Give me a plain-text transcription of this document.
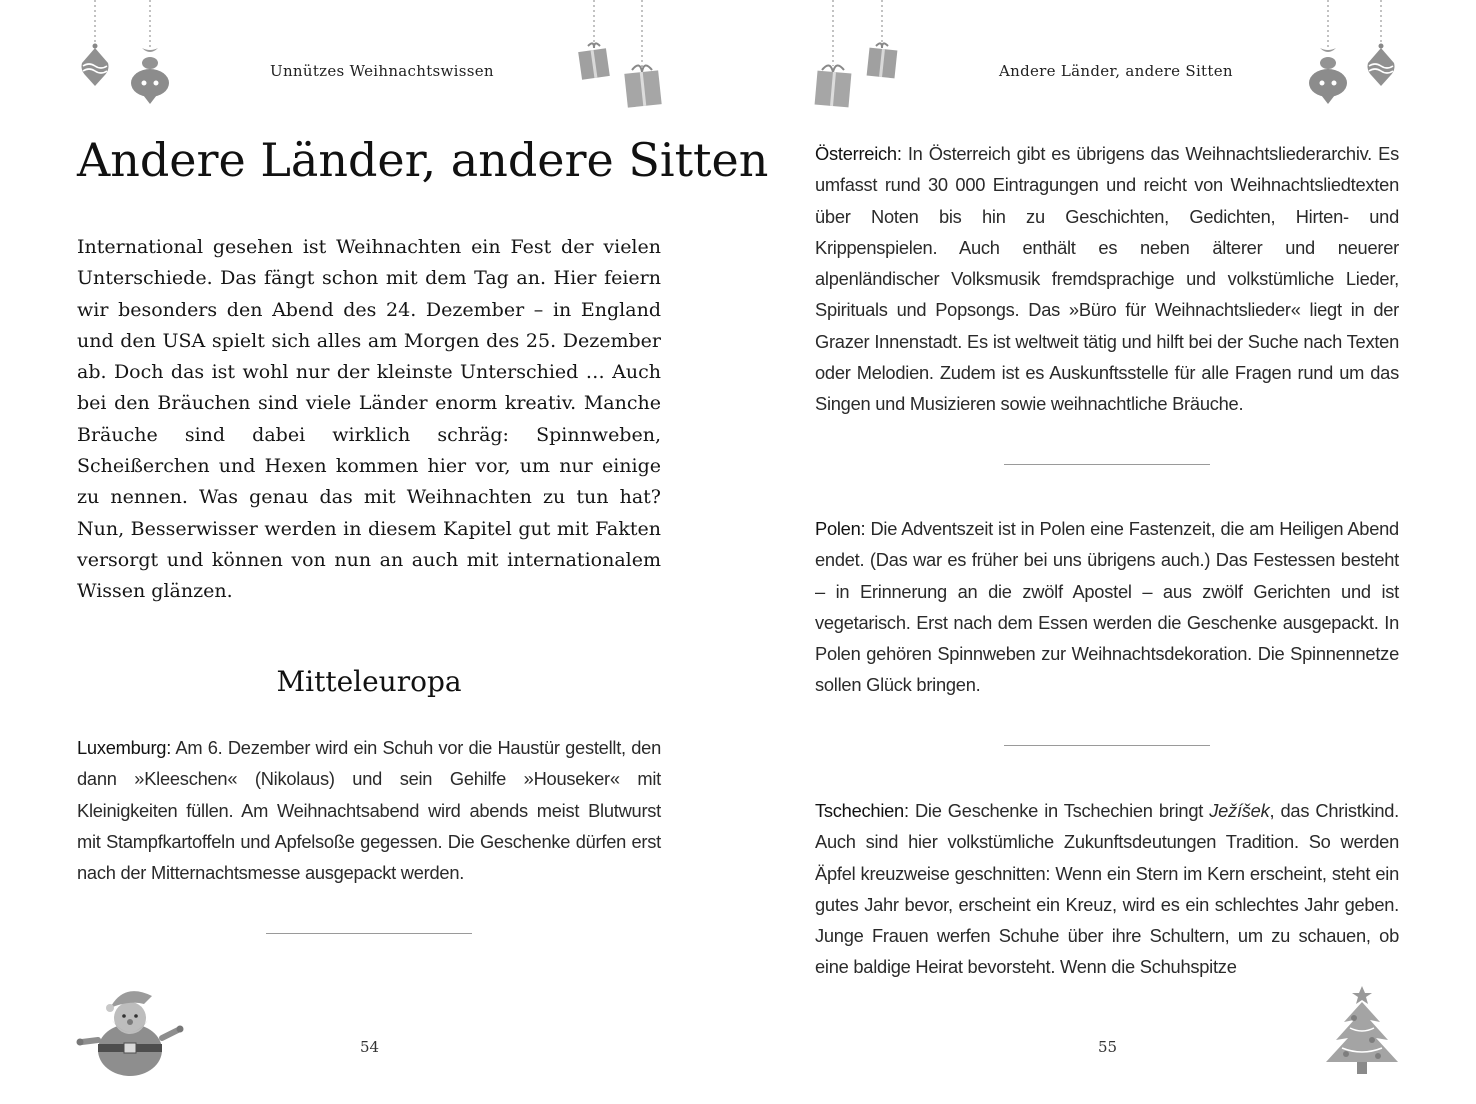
Unnützes Weihnachtswissen
Andere Länder, andere Sitten

International gesehen ist Weihnachten ein Fest der vielen Unterschiede. Das fängt schon mit dem Tag an. Hier feiern wir besonders den Abend des 24. Dezember – in England und den USA spielt sich alles am Morgen des 25. Dezember ab. Doch das ist wohl nur der kleinste Unterschied … Auch bei den Bräuchen sind viele Länder enorm kreativ. Manche Bräuche sind dabei wirklich schräg: Spinnweben, Scheißerchen und Hexen kommen hier vor, um nur einige zu nennen. Was genau das mit Weihnachten zu tun hat? Nun, Besserwisser werden in diesem Kapitel gut mit Fakten versorgt und können von nun an auch mit internationalem Wissen glänzen.

Mitteleuropa

Luxemburg: Am 6. Dezember wird ein Schuh vor die Haustür gestellt, den dann »Kleeschen« (Nikolaus) und sein Gehilfe »Houseker« mit Kleinigkeiten füllen. Am Weihnachtsabend wird abends meist Blutwurst mit Stampfkartoffeln und Apfelsoße gegessen. Die Geschenke dürfen erst nach der Mitternachtsmesse ausgepackt werden.

54
Andere Länder, andere Sitten

Österreich: In Österreich gibt es übrigens das Weihnachtsliederarchiv. Es umfasst rund 30 000 Eintragungen und reicht von Weihnachtsliedtexten über Noten bis hin zu Geschichten, Gedichten, Hirten- und Krippenspielen. Auch enthält es neben älterer und neuerer alpenländischer Volksmusik fremdsprachige und volkstümliche Lieder, Spirituals und Popsongs. Das »Büro für Weihnachtslieder« liegt in der Grazer Innenstadt. Es ist weltweit tätig und hilft bei der Suche nach Texten oder Melodien. Zudem ist es Auskunftsstelle für alle Fragen rund um das Singen und Musizieren sowie weihnachtliche Bräuche.

Polen: Die Adventszeit ist in Polen eine Fastenzeit, die am Heiligen Abend endet. (Das war es früher bei uns übrigens auch.) Das Festessen besteht – in Erinnerung an die zwölf Apostel – aus zwölf Gerichten und ist vegetarisch. Erst nach dem Essen werden die Geschenke ausgepackt. In Polen gehören Spinnweben zur Weihnachtsdekoration. Die Spinnennetze sollen Glück bringen.

Tschechien: Die Geschenke in Tschechien bringt Ježíšek, das Christkind. Auch sind hier volkstümliche Zukunftsdeutungen Tradition. So werden Äpfel kreuzweise geschnitten: Wenn ein Stern im Kern erscheint, steht ein gutes Jahr bevor, erscheint ein Kreuz, wird es ein schlechtes Jahr geben. Junge Frauen werfen Schuhe über ihre Schultern, um zu schauen, ob eine baldige Heirat bevorsteht. Wenn die Schuhspitze

55
